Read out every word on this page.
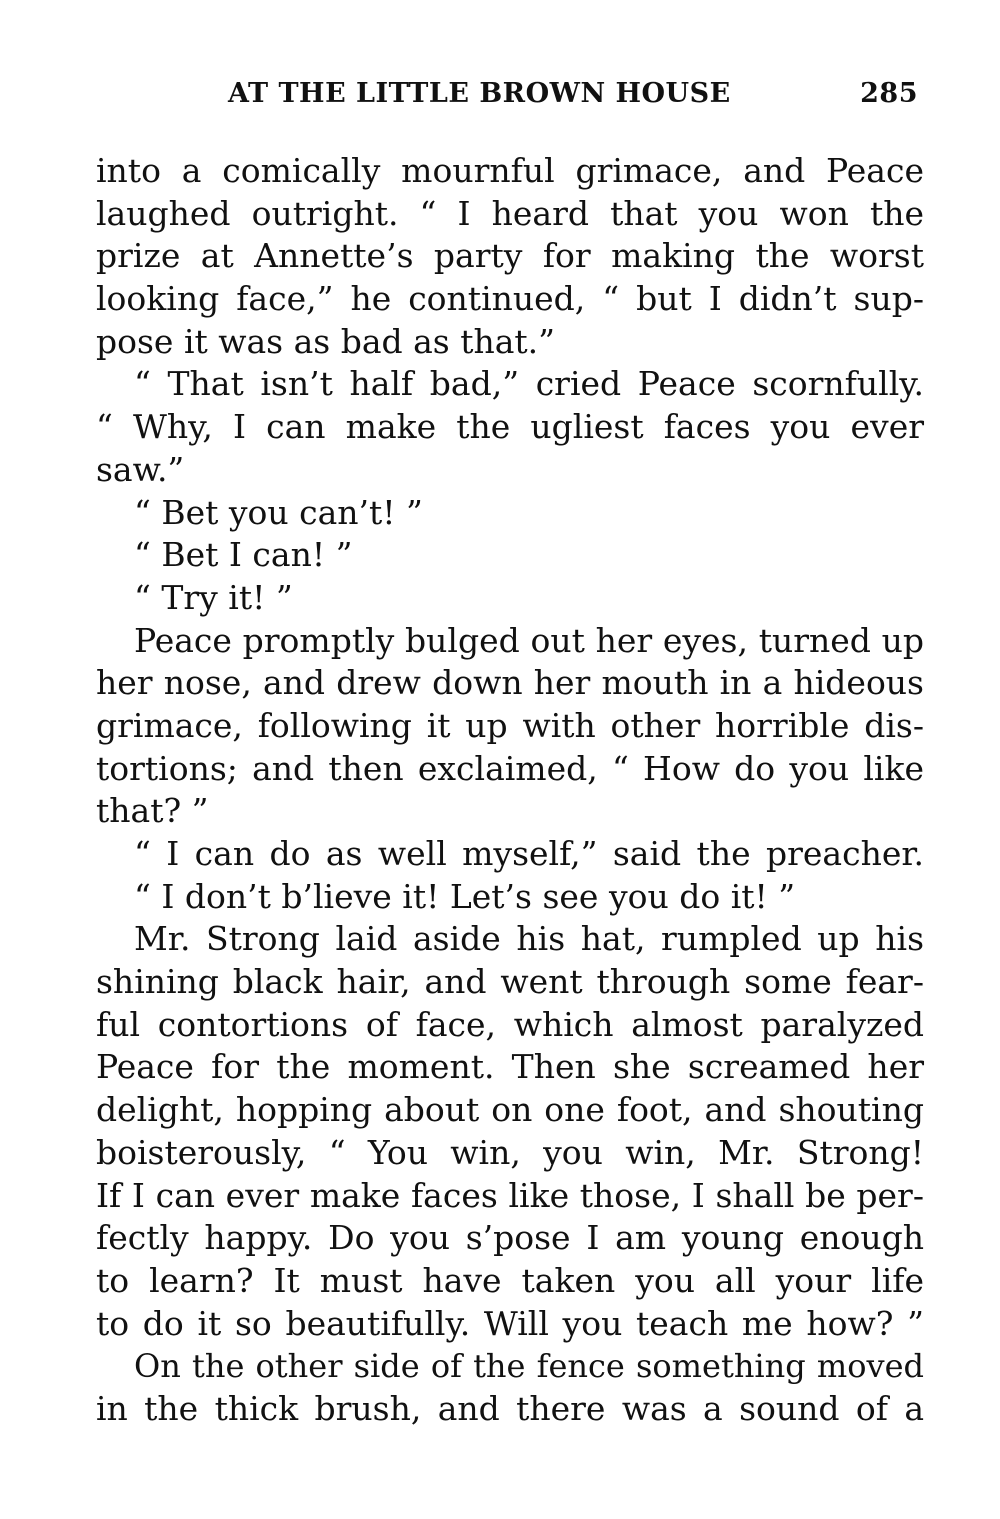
AT THE LITTLE BROWN HOUSE	285
into a comically mournful grimace, and Peace
laughed outright. “ I heard that you won the
prize at Annette’s party for making the worst
looking face,” he continued, “ but I didn’t sup-
pose it was as bad as that.”
“ That isn’t half bad,” cried Peace scornfully.
“ Why, I can make the ugliest faces you ever
saw.”
“ Bet you can’t! ”
“ Bet I can! ”
“ Try it! ”
Peace promptly bulged out her eyes, turned up
her nose, and drew down her mouth in a hideous
grimace, following it up with other horrible dis-
tortions; and then exclaimed, “ How do you like
that? ”
“ I can do as well myself,” said the preacher.
“ I don’t b’lieve it! Let’s see you do it! ”
Mr. Strong laid aside his hat, rumpled up his
shining black hair, and went through some fear-
ful contortions of face, which almost paralyzed
Peace for the moment. Then she screamed her
delight, hopping about on one foot, and shouting
boisterously, “ You win, you win, Mr. Strong!
If I can ever make faces like those, I shall be per-
fectly happy. Do you s’pose I am young enough
to learn? It must have taken you all your life
to do it so beautifully. Will you teach me how? ”
On the other side of the fence something moved
in the thick brush, and there was a sound of a
